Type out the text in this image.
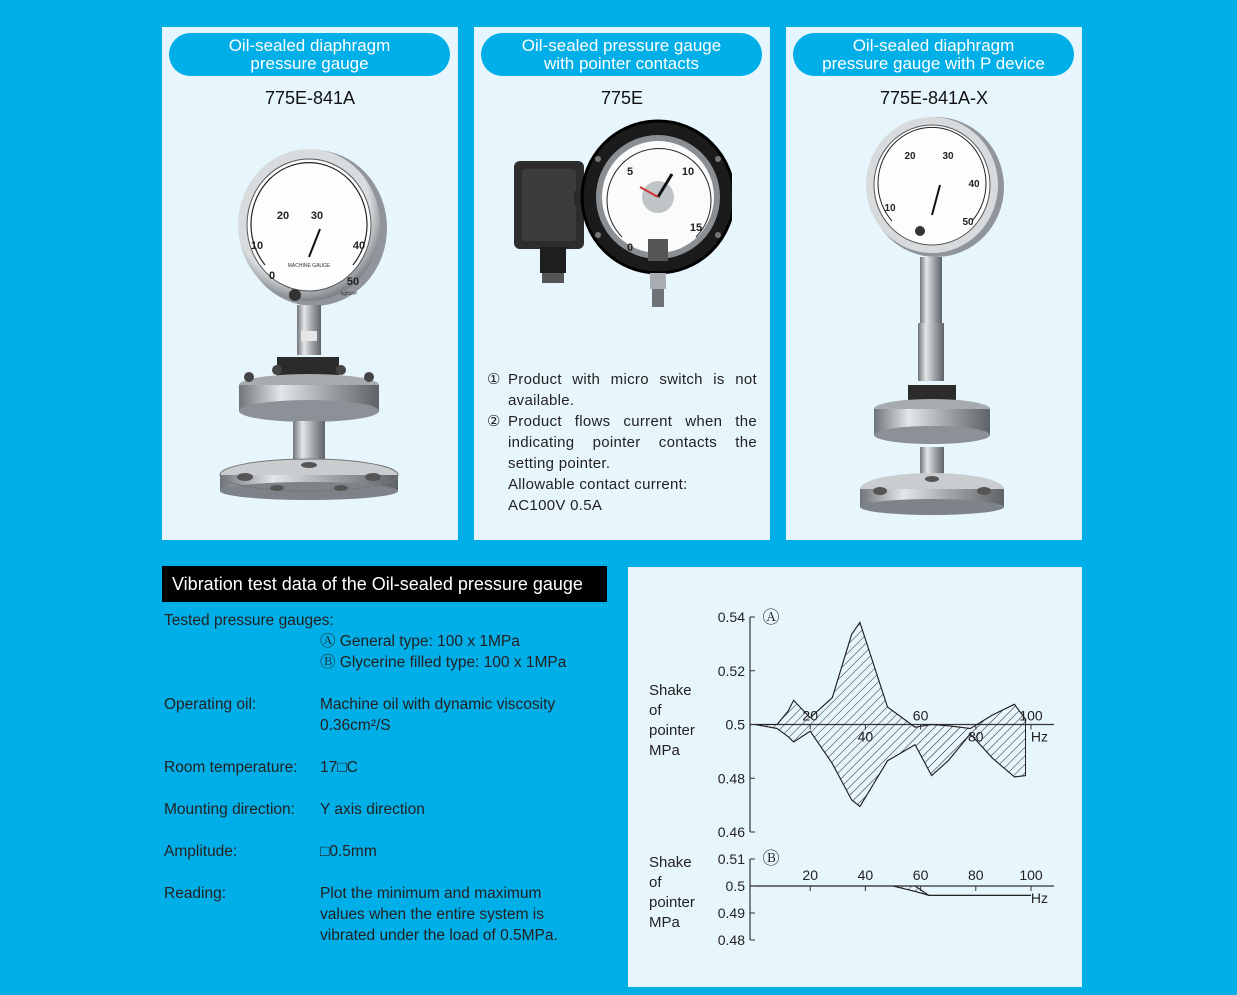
Oil-sealed diaphragm
pressure gauge
775E-841A
0
10
20 30
40
50
MACHINE GAUGE
kgf/cm²
Oil-sealed pressure gauge
with pointer contacts
775E
0
5	10
15
① Product with micro switch is not available.
② Product flows current when the indicating pointer contacts the setting pointer.
Allowable contact current:
AC100V 0.5A
Oil-sealed diaphragm
pressure gauge with P device
775E-841A-X
10
20	30
40
50
Vibration test data of the Oil-sealed pressure gauge
Tested pressure gauges:
Ⓐ General type: 100 x 1MPa
Ⓑ Glycerine filled type: 100 x 1MPa
Operating oil:	Machine oil with dynamic viscosity
0.36cm²/S
Room temperature: 17□C
Mounting direction: Y axis direction
Amplitude:	□0.5mm
Reading:	Plot the minimum and maximum
values when the entire system is
vibrated under the load of 0.5MPa.
0.54
0.52
0.5
0.48
0.46
20
40
60
80
100
Hz
Ⓐ
Shake
of
pointer
MPa
0.51
0.5
0.49
0.48
20	40	60	80	100
Hz
Ⓑ
Shake
of
pointer
MPa
